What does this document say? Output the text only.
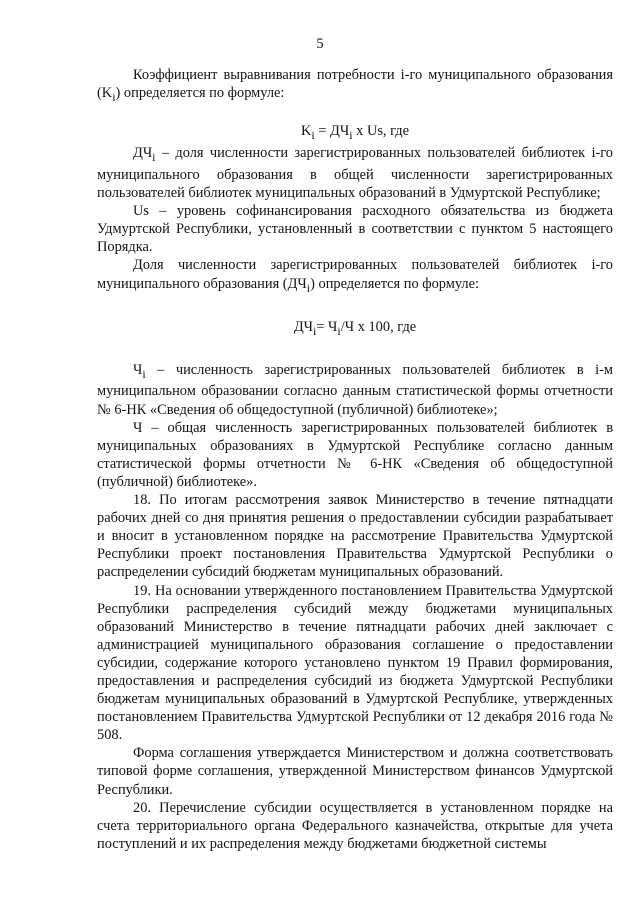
5

Коэффициент выравнивания потребности i-го муниципального образования $(K_i)$ определяется по формуле:

$K_i = ДЧ_i$ x Us, где

$ДЧ_i$ – доля численности зарегистрированных пользователей библиотек i-го муниципального образования в общей численности зарегистрированных пользователей библиотек муниципальных образований в Удмуртской Республике;

Us – уровень софинансирования расходного обязательства из бюджета Удмуртской Республики, установленный в соответствии с пунктом 5 настоящего Порядка.

Доля численности зарегистрированных пользователей библиотек i-го муниципального образования $(ДЧ_i)$ определяется по формуле:

$ДЧ_i= Ч_i/Ч$ x 100, где

$Ч_i$ – численность зарегистрированных пользователей библиотек в i-м муниципальном образовании согласно данным статистической формы отчетности № 6-НК «Сведения об общедоступной (публичной) библиотеке»;

Ч – общая численность зарегистрированных пользователей библиотек в муниципальных образованиях в Удмуртской Республике согласно данным статистической формы отчетности № 6-НК «Сведения об общедоступной (публичной) библиотеке».

18. По итогам рассмотрения заявок Министерство в течение пятнадцати рабочих дней со дня принятия решения о предоставлении субсидии разрабатывает и вносит в установленном порядке на рассмотрение Правительства Удмуртской Республики проект постановления Правительства Удмуртской Республики о распределении субсидий бюджетам муниципальных образований.

19. На основании утвержденного постановлением Правительства Удмуртской Республики распределения субсидий между бюджетами муниципальных образований Министерство в течение пятнадцати рабочих дней заключает с администрацией муниципального образования соглашение о предоставлении субсидии, содержание которого установлено пунктом 19 Правил формирования, предоставления и распределения субсидий из бюджета Удмуртской Республики бюджетам муниципальных образований в Удмуртской Республике, утвержденных постановлением Правительства Удмуртской Республики от 12 декабря 2016 года № 508.

Форма соглашения утверждается Министерством и должна соответствовать типовой форме соглашения, утвержденной Министерством финансов Удмуртской Республики.

20. Перечисление субсидии осуществляется в установленном порядке на счета территориального органа Федерального казначейства, открытые для учета поступлений и их распределения между бюджетами бюджетной системы
